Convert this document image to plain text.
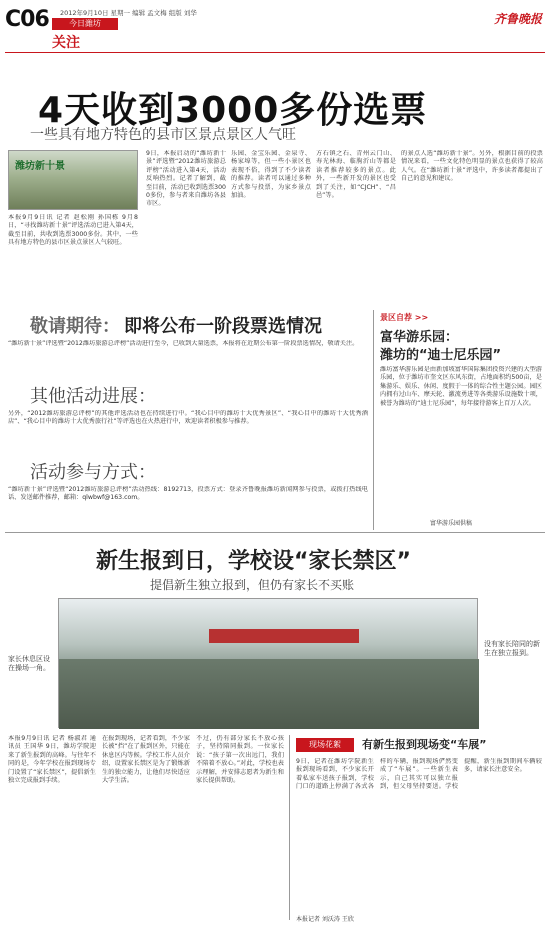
C06 2012年9月10日 星期一 编辑 孟文梅 组版 刘华
今日潍坊
关注
齐鲁晚报
4天收到3000多份选票
一些具有地方特色的县市区景点景区人气旺
潍坊新十景
本报9月9日讯 记者 赵松刚 孙国栋 9月8日，“寻找潍坊新十景”评选活动已进入第4天，截至目前，共收到选票3000多份。其中，一些具有地方特色的县市区景点景区人气较旺。
9日，本报启动的“潍坊新十景”评选暨“2012潍坊旅游总评榜”活动进入第4天，活动反响热烈。记者了解到，截至目前，活动已收到选票3000多份，参与者来自潍坊各县市区。
乐园、金宝乐园、金泉寺、杨家埠等，但一些小景区也表现不俗，得到了不少读者的推荐。读者可以通过多种方式参与投票，为家乡景点加油。
方石镇之石、青州云门山、寿光林海、临朐沂山等都是读者推荐较多的景点。此外，一些新开发的景区也受到了关注，如“CJCH”、“昌邑”等。
的景点人选“潍坊新十景”。另外，根据目前的投票情况来看，一些文化特色明显的景点也获得了较高人气。在“潍坊新十景”评选中，许多读者都提出了自己的意见和建议。
敬请期待： 即将公布一阶段票选情况
“潍坊新十景”评选暨“2012潍坊旅游总评榜”活动进行至今，已收到大量选票，本报将在近期公布第一阶段票选情况，敬请关注。
其他活动进展：
另外，“2012潍坊旅游总评榜”的其他评选活动也在持续进行中。“我心目中的潍坊十大优秀景区”、“我心目中的潍坊十大优秀酒店”、“我心目中的潍坊十大优秀旅行社”等评选也在火热进行中，欢迎读者积极参与推荐。
活动参与方式：
“潍坊新十景”评选暨“2012潍坊旅游总评榜”活动热线：8192713，投票方式：登录齐鲁晚报潍坊新闻网参与投票，或拨打热线电话、发送邮件推荐，邮箱：qlwbwf@163.com。
景区自荐 >>
富华游乐园：
潍坊的“迪士尼乐园”
潍坊富华游乐园是由新加坡富华国际集团投资兴建的大型游乐园，位于潍坊市奎文区东风东街，占地面积约500亩，是集游乐、娱乐、休闲、度假于一体的综合性主题公园。园区内拥有过山车、摩天轮、激流勇进等各类游乐设施数十项，被誉为潍坊的“迪士尼乐园”，每年接待游客上百万人次。
富华游乐园供稿
新生报到日，学校设“家长禁区”
提倡新生独立报到，但仍有家长不买账
家长休息区设在操场一角。
没有家长陪同的新生在独立报到。
本报9月9日讯 记者 杨淑君 通讯员 王国华 9日，潍坊学院迎来了新生报到的高峰。与往年不同的是，今年学校在报到现场专门设置了“家长禁区”，提倡新生独立完成报到手续。
在报到现场，记者看到，不少家长被“挡”在了报到区外，只能在休息区内等候。学校工作人员介绍，设置家长禁区是为了锻炼新生的独立能力，让他们尽快适应大学生活。
不过，仍有部分家长不放心孩子，坚持陪同报到。一位家长说：“孩子第一次出远门，我们不陪着不放心。”对此，学校也表示理解，并安排志愿者为新生和家长提供帮助。
现场花絮	有新生报到现场变“车展”
9日，记者在潍坊学院新生报到现场看到，不少家长开着私家车送孩子报到，学校门口的道路上停满了各式各样的车辆，报到现场俨然变成了“车展”。一些新生表示，自己其实可以独立报到，但父母坚持要送。学校提醒，新生报到期间车辆较多，请家长注意安全。
本报记者 刘沃涛 王欣
